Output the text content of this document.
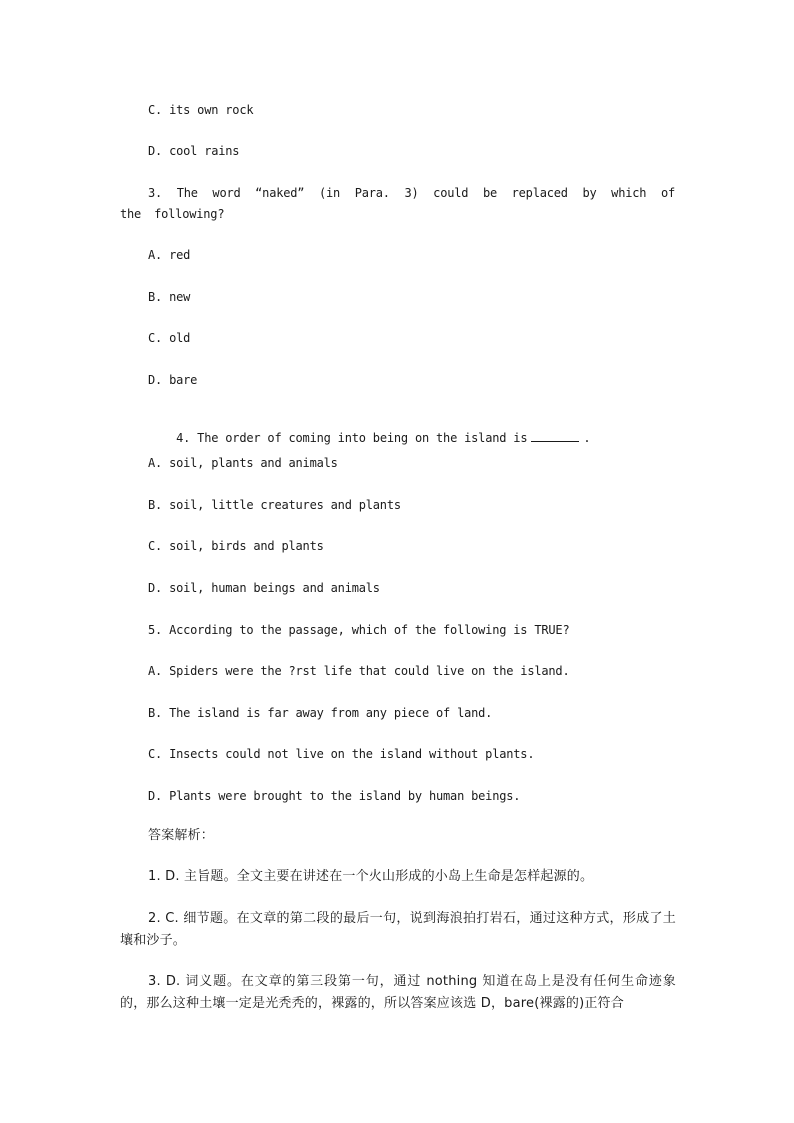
C. its own rock
D. cool rains
3. The word “naked” (in Para. 3) could be replaced by which of the following?
A. red
B. new
C. old
D. bare

4. The order of coming into being on the island is	.

A. soil, plants and animals
B. soil, little creatures and plants
C. soil, birds and plants
D. soil, human beings and animals
5. According to the passage, which of the following is TRUE?
A. Spiders were the ?rst life that could live on the island.
B. The island is far away from any piece of land.
C. Insects could not live on the island without plants.
D. Plants were brought to the island by human beings.
答案解析：
1. D. 主旨题。全文主要在讲述在一个火山形成的小岛上生命是怎样起源的。
2. C. 细节题。在文章的第二段的最后一句，说到海浪拍打岩石，通过这种方式，形成了土壤和沙子。
3. D. 词义题。在文章的第三段第一句，通过 nothing 知道在岛上是没有任何生命迹象的，那么这种土壤一定是光秃秃的，裸露的，所以答案应该选 D，bare(裸露的)正符合
